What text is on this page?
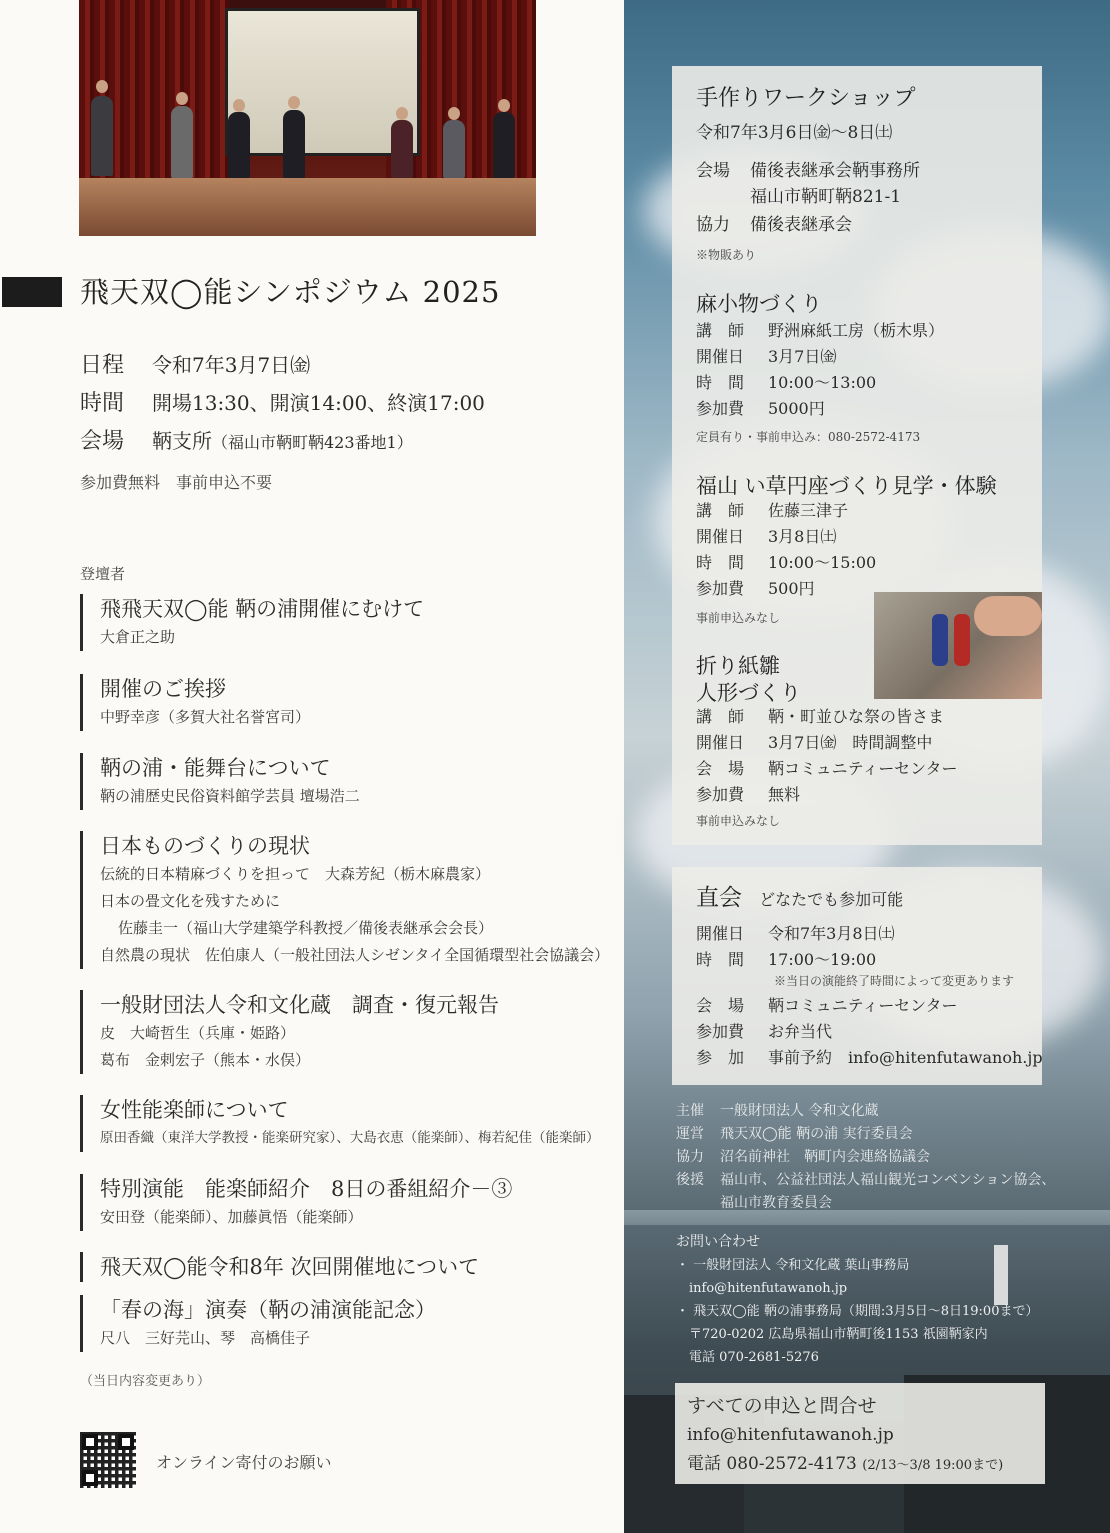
飛天双◯能シンポジウム 2025
日程 令和7年3月7日㈮
時間 開場13:30、開演14:00、終演17:00
会場 鞆支所（福山市鞆町鞆423番地1）
参加費無料　事前申込不要
登壇者
飛飛天双◯能 鞆の浦開催にむけて
大倉正之助
開催のご挨拶
中野幸彦（多賀大社名誉宮司）
鞆の浦・能舞台について
鞆の浦歴史民俗資料館学芸員 壇場浩二
日本ものづくりの現状
伝統的日本精麻づくりを担って　大森芳紀（栃木麻農家）
日本の畳文化を残すために
佐藤圭一（福山大学建築学科教授／備後表継承会会長）
自然農の現状　佐伯康人（一般社団法人シゼンタイ全国循環型社会協議会）
一般財団法人令和文化蔵　調査・復元報告
皮　大崎哲生（兵庫・姫路）
葛布　金剌宏子（熊本・水俣）
女性能楽師について
原田香織（東洋大学教授・能楽研究家）、大島衣恵（能楽師）、梅若紀佳（能楽師）
特別演能　能楽師紹介　8日の番組紹介－③
安田登（能楽師）、加藤眞悟（能楽師）
飛天双◯能令和8年 次回開催地について
「春の海」演奏（鞆の浦演能記念）
尺八　三好芫山、琴　高橋佳子
（当日内容変更あり）
オンライン寄付のお願い
手作りワークショップ
令和7年3月6日㈮～8日㈯
会場 備後表継承会鞆事務所
福山市鞆町鞆821-1
協力 備後表継承会
※物販あり
麻小物づくり
講　師 野洲麻紙工房（栃木県）
開催日 3月7日㈮
時　間 10:00～13:00
参加費 5000円
定員有り・事前申込み：080-2572-4173
福山 い草円座づくり見学・体験
講　師 佐藤三津子
開催日 3月8日㈯
時　間 10:00～15:00
参加費 500円
事前申込みなし
折り紙雛
人形づくり
講　師 鞆・町並ひな祭の皆さま
開催日 3月7日㈮　時間調整中
会　場 鞆コミュニティーセンター
参加費 無料
事前申込みなし
直会 どなたでも参加可能
開催日 令和7年3月8日㈯
時　間 17:00～19:00
※当日の演能終了時間によって変更あります
会　場 鞆コミュニティーセンター
参加費 お弁当代
参　加 事前予約　info@hitenfutawanoh.jp
主催 一般財団法人 令和文化蔵
運営 飛天双◯能 鞆の浦 実行委員会
協力 沼名前神社　鞆町内会連絡協議会
後援 福山市、公益社団法人福山観光コンベンション協会、
福山市教育委員会
お問い合わせ
・ 一般財団法人 令和文化蔵 葉山事務局
　info@hitenfutawanoh.jp
・ 飛天双◯能 鞆の浦事務局（期間:3月5日～8日19:00まで）
　〒720-0202 広島県福山市鞆町後1153 祇園鞆家内
　電話 070-2681-5276
すべての申込と問合せ
info@hitenfutawanoh.jp
電話 080-2572-4173 (2/13～3/8 19:00まで)
